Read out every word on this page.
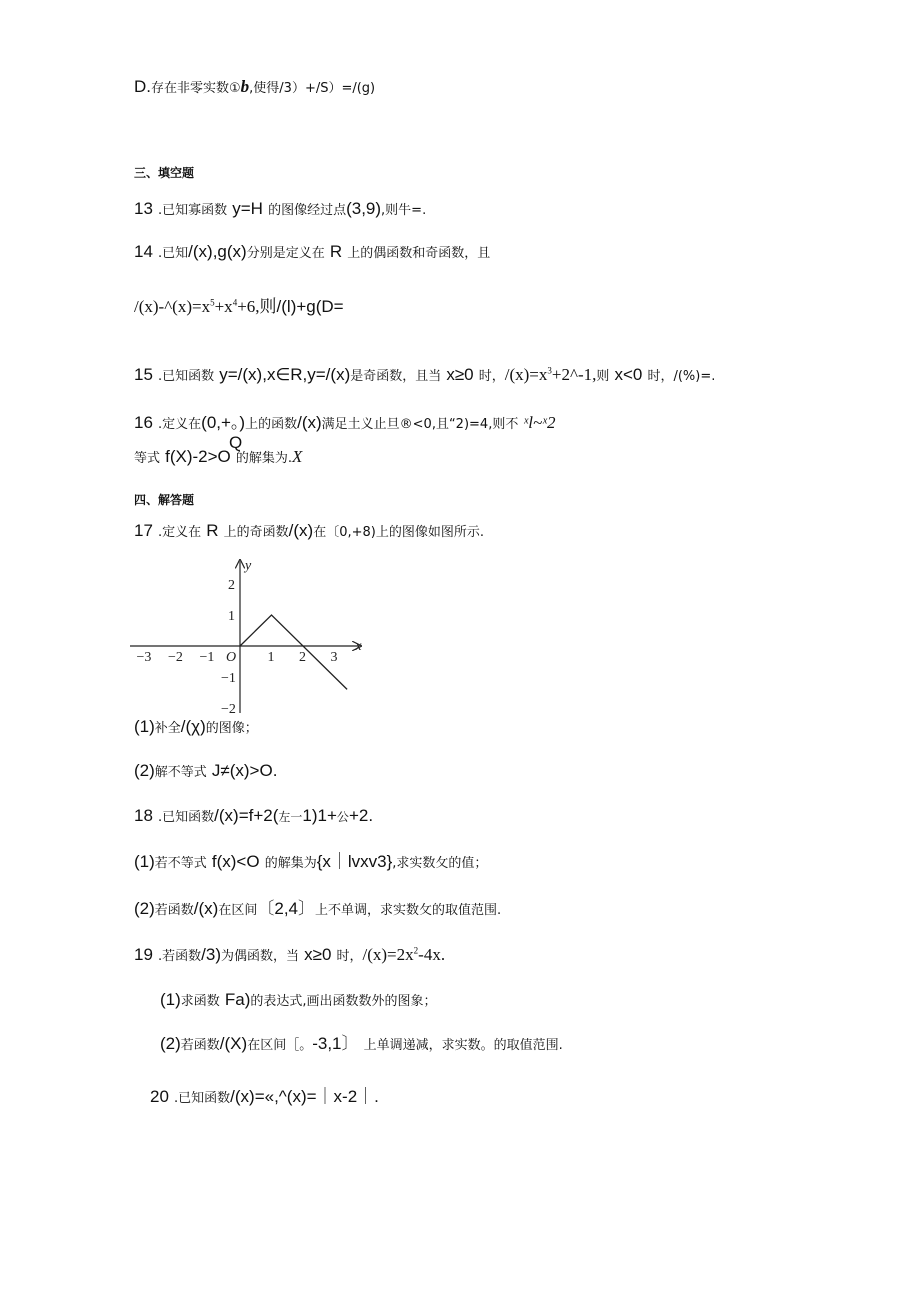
D.存在非零实数①b,使得/3）+/S）=/(g)
三、填空题
13 .已知寡函数 y=H 的图像经过点(3,9),则牛=.
14 .已知/(x),g(x)分别是定义在 R 上的偶函数和奇函数，且
$/(x)-\^{}(x)=x^5+x^4+6$,则/(l)+g(D=
15 .已知函数 y=/(x),x∈R,y=/(x)是奇函数，且当 x≥0 时，$/(x)=x^3+2\^{}-1$,则 x<0 时，/(%)=.
16 .定义在(0,+。)上的函数/(x)满足土义止旦®<0,且“2)=4,则不 ˣl~ˣ2
Q
等式 f(X)-2>O 的解集为.X
四、解答题
17 .定义在 R 上的奇函数/(x)在〔0,+8)上的图像如图所示.
x
y
O
−3 −2 −1	1 2 3
2
1
−1
−2
(1)补全/(χ)的图像；
(2)解不等式 J≠(x)>O.
18 .已知函数/(x)=f+2(左一1)1+公+2.
(1)若不等式 f(x)<O 的解集为{x｜lvxv3},求实数攵的值；
(2)若函数/(x)在区间〔2,4〕上不单调，求实数攵的取值范围.
19 .若函数/3)为偶函数，当 x≥0 时，$/(x)=2x^2-4x$.
(1)求函数 Fa)的表达式,画出函数数外的图象；
(2)若函数/(X)在区间［。-3,1〕 上单调递减，求实数。的取值范围.
20 .已知函数/(x)=«,^(x)=｜x-2｜.
